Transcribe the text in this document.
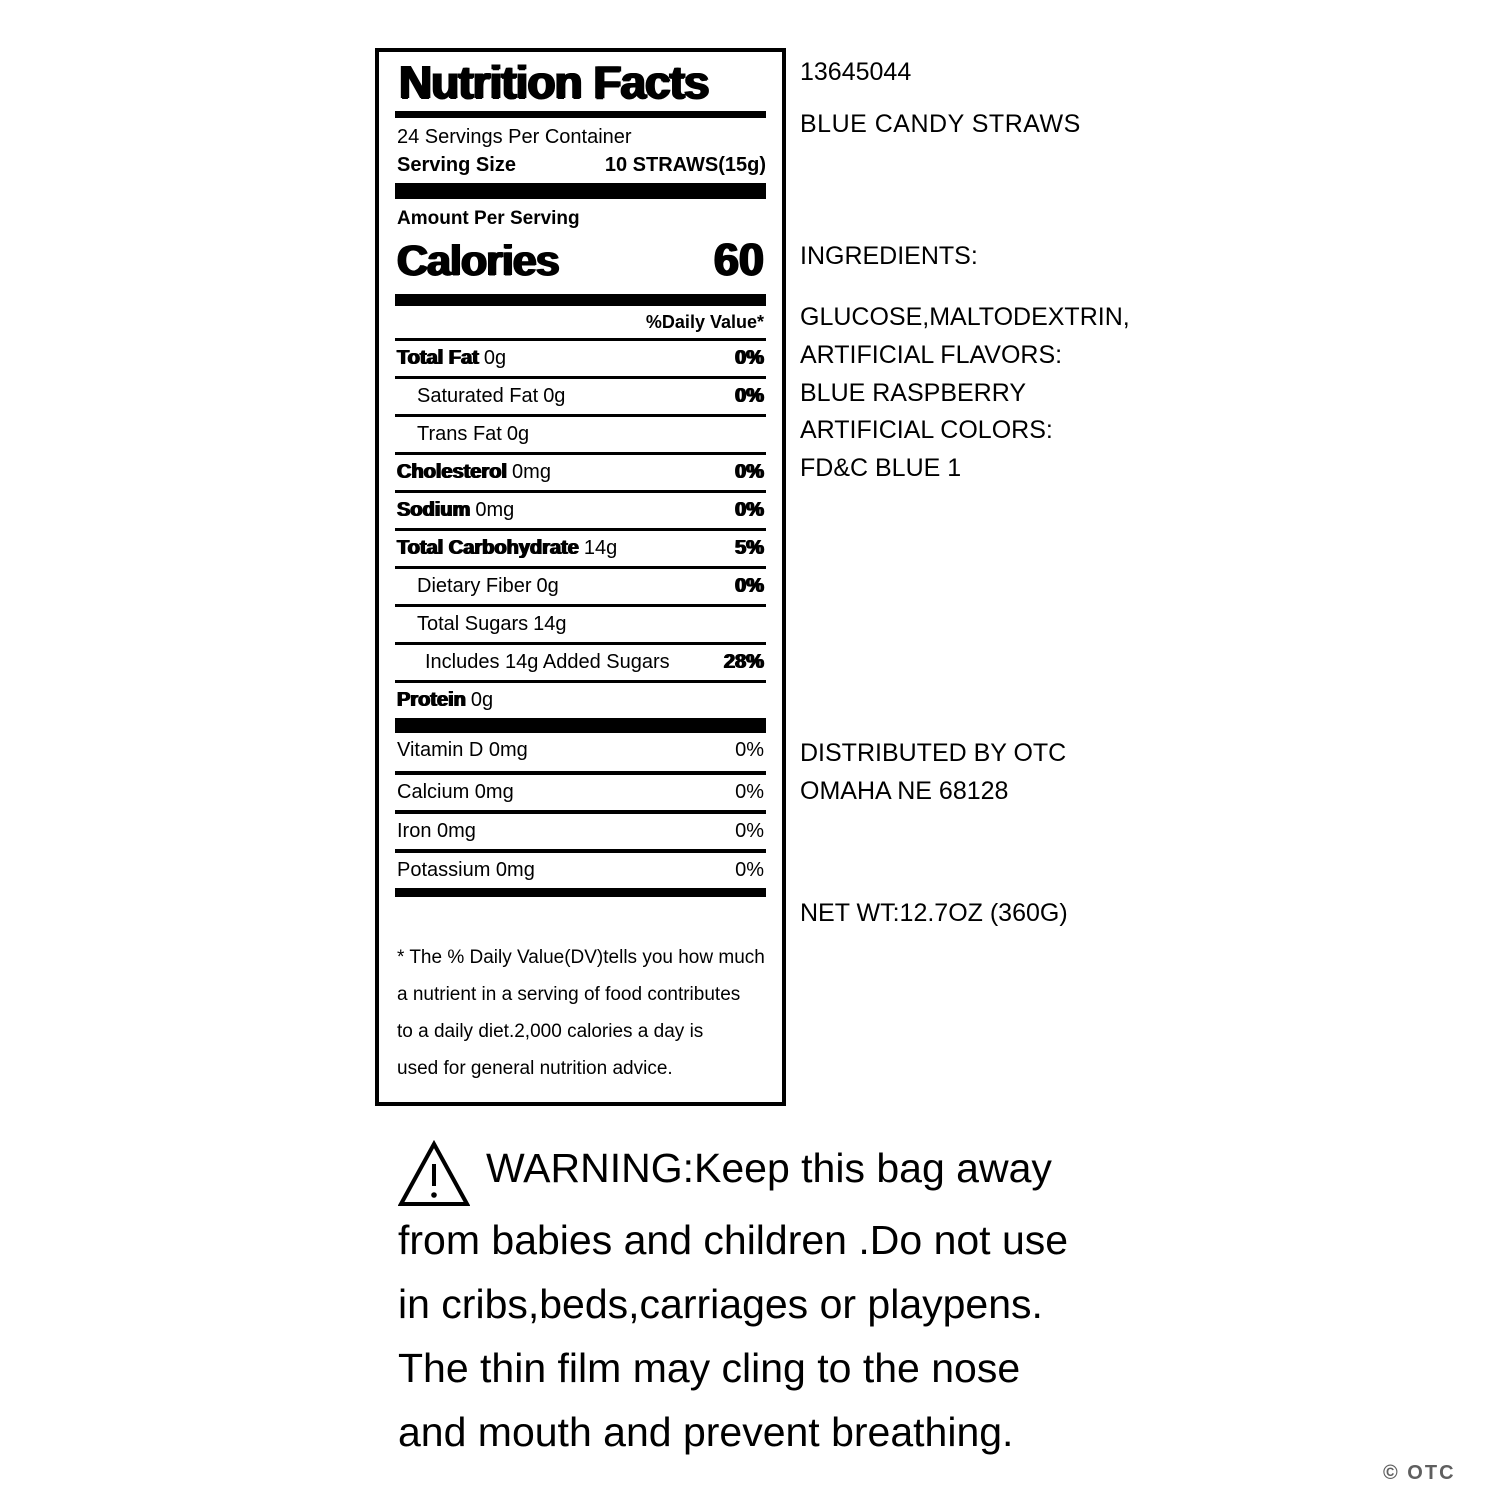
Nutrition Facts
24 Servings Per Container
Serving Size	10 STRAWS(15g)
Amount Per Serving
Calories	60
%Daily Value*
Total Fat 0g	0%
Saturated Fat 0g	0%
Trans Fat 0g
Cholesterol 0mg	0%
Sodium 0mg	0%
Total Carbohydrate 14g	5%
Dietary Fiber 0g	0%
Total Sugars 14g
Includes 14g Added Sugars	28%
Protein 0g
Vitamin D 0mg	0%
Calcium 0mg	0%
Iron 0mg	0%
Potassium 0mg	0%
* The % Daily Value(DV)tells you how much
a nutrient in a serving of food contributes
to a daily diet.2,000 calories a day is
used for general nutrition advice.
13645044
BLUE CANDY STRAWS
INGREDIENTS:
GLUCOSE,MALTODEXTRIN,
ARTIFICIAL FLAVORS:
BLUE RASPBERRY
ARTIFICIAL COLORS:
FD&C BLUE 1
DISTRIBUTED BY OTC
OMAHA NE 68128
NET WT:12.7OZ (360G)
WARNING:Keep this bag away
from babies and children .Do not use
in cribs,beds,carriages or playpens.
The thin film may cling to the nose
and mouth and prevent breathing.
© OTC
